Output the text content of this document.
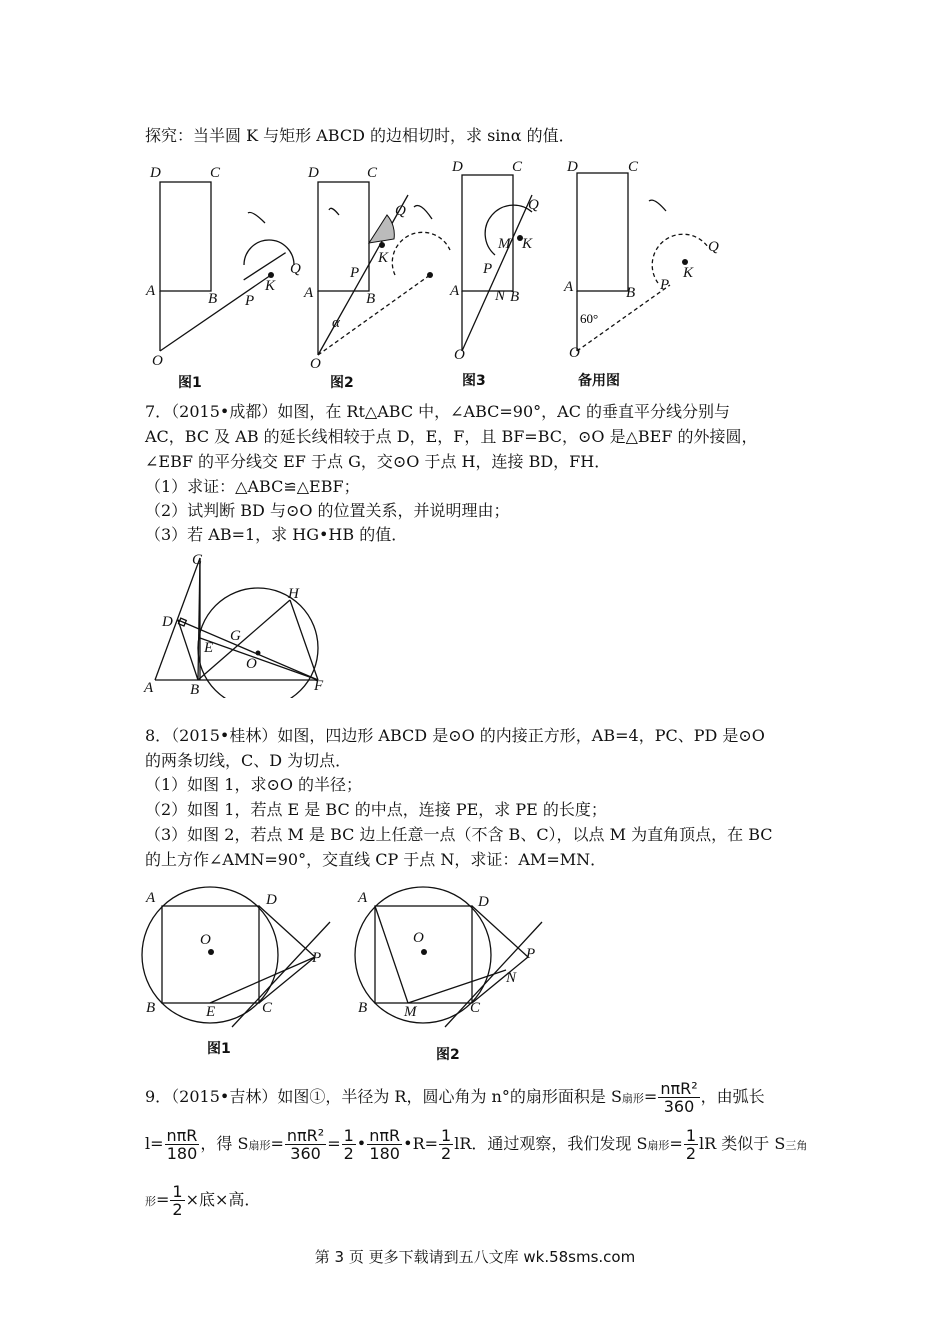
探究：当半圆 K 与矩形 ABCD 的边相切时，求 sinα 的值．
D	C
A	B
O
P
K
Q
D	C
A	B
O
P
K
Q
α
D	C
A	B
O
P
N
M K
Q
D	C
A	B
O
P
K
Q
60°
图1	图2	图3	备用图
7．（2015•成都）如图，在 Rt△ABC 中，∠ABC=90°，AC 的垂直平分线分别与
AC，BC 及 AB 的延长线相较于点 D，E，F，且 BF=BC，⊙O 是△BEF 的外接圆，
∠EBF 的平分线交 EF 于点 G，交⊙O 于点 H，连接 BD，FH．
（1）求证：△ABC≌△EBF；
（2）试判断 BD 与⊙O 的位置关系，并说明理由；
（3）若 AB=1，求 HG•HB 的值．
C
D
A B
E
G
O
H
F
8．（2015•桂林）如图，四边形 ABCD 是⊙O 的内接正方形，AB=4，PC、PD 是⊙O
的两条切线，C、D 为切点．
（1）如图 1，求⊙O 的半径；
（2）如图 1，若点 E 是 BC 的中点，连接 PE，求 PE 的长度；
（3）如图 2，若点 M 是 BC 边上任意一点（不含 B、C），以点 M 为直角顶点，在 BC
的上方作∠AMN=90°，交直线 CP 于点 N，求证：AM=MN．
A	D
O
P
B	E	C
A	D
O
P
B M	C
N
图1	图2
9．（2015•吉林）如图①，半径为 R，圆心角为 n°的扇形面积是 S扇形= $\frac{\text{nπR²}}{360}$ ，由弧长
$l= \frac{\text{nπR}}{180}$ ，得 S扇形= $\frac{\text{nπR²}}{360} = \frac{1}{2}$ • $\frac{\text{nπR}}{180}$ •R= $\frac{1}{2}$ lR．通过观察，我们发现 S扇形= $\frac{1}{2}$ lR 类似于 S三角
形= $\frac{1}{2}$ ×底×高．
第 3 页 更多下载请到五八文库 wk.58sms.com
